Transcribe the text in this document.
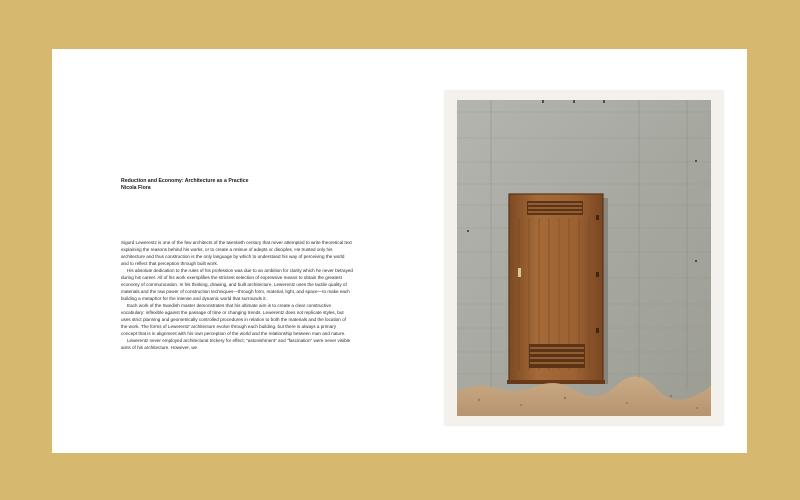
Reduction and Economy: Architecture as a Practice
Nicola Flora

Sigurd Lewerentz is one of the few architects of the twentieth century that never attempted to write theoretical text explaining the reasons behind his works, or to create a retinue of adepts or disciples. He trusted only his architecture and thus construction is the only language by which to understand his way of perceiving the world and to reflect that perception through built work.

His absolute dedication to the rules of his profession was due to an ambition for clarity which he never betrayed during his career. All of his work exemplifies the strictest selection of expressive means to obtain the greatest economy of communication. In his thinking, drawing, and built architecture, Lewerentz uses the tactile quality of materials and the raw power of construction techniques—through form, material, light, and space—to make each building a metaphor for the intense and dynamic world that surrounds it.

Each work of the Swedish master demonstrates that his ultimate aim is to create a clear constructive vocabulary: inflexible against the passage of time or changing trends. Lewerentz does not replicate styles, but uses strict planning and geometrically controlled procedures in relation to both the materials and the location of the work. The forms of Lewerentz' architecture evolve through each building, but there is always a primary concept that is in alignment with his own perception of the world and the relationship between man and nature.

Lewerentz never employed architectural trickery for effect; "astonishment" and "fascination" were never visible aims of his architecture. However, we
